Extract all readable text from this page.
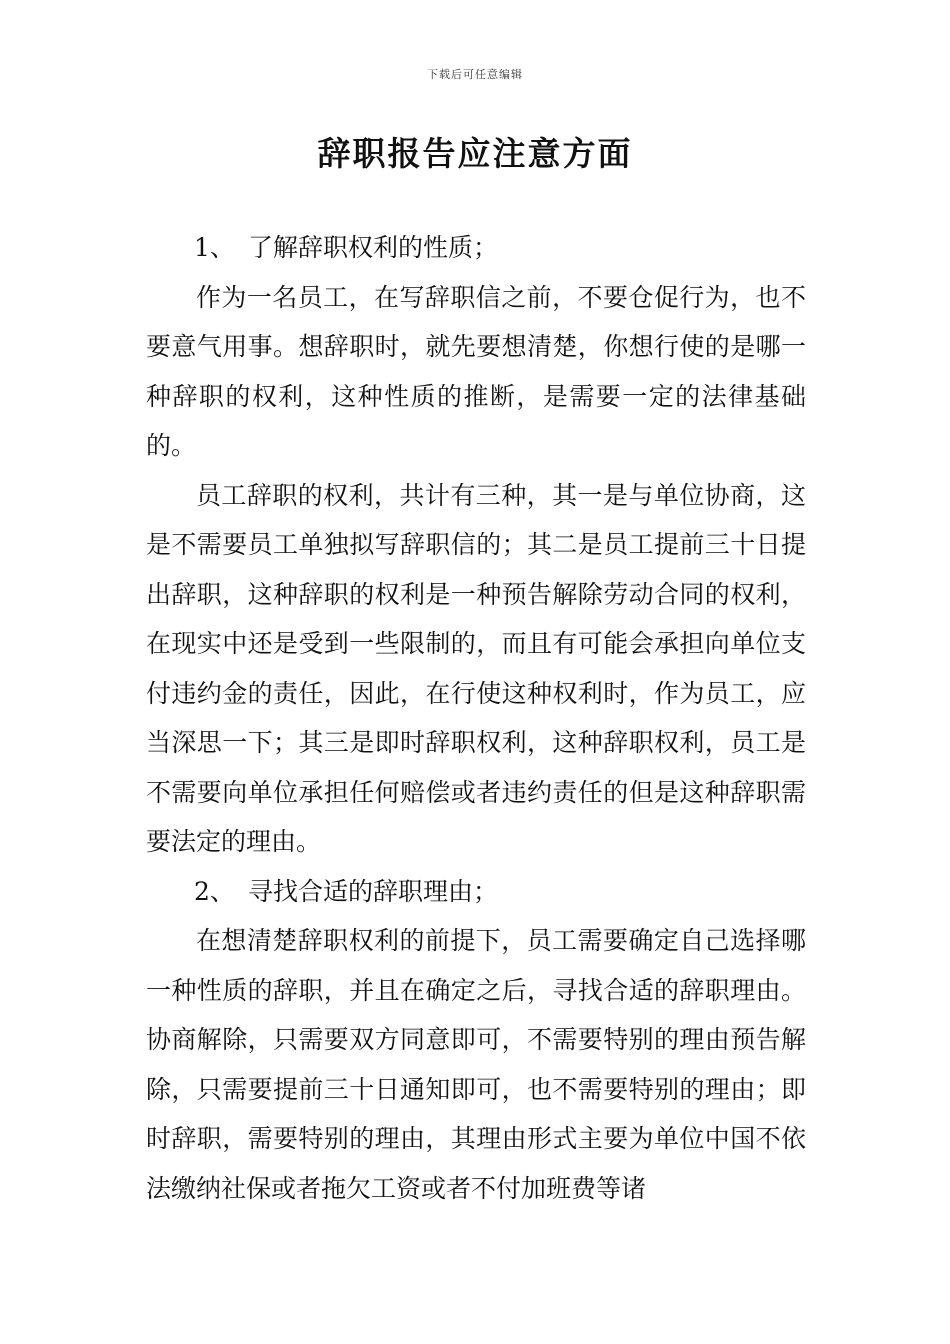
下载后可任意编辑
辞职报告应注意方面
1、 了解辞职权利的性质；

作为一名员工，在写辞职信之前，不要仓促行为，也不要意气用事。想辞职时，就先要想清楚，你想行使的是哪一种辞职的权利，这种性质的推断，是需要一定的法律基础的。

员工辞职的权利，共计有三种，其一是与单位协商，这是不需要员工单独拟写辞职信的；其二是员工提前三十日提出辞职，这种辞职的权利是一种预告解除劳动合同的权利，在现实中还是受到一些限制的，而且有可能会承担向单位支付违约金的责任，因此，在行使这种权利时，作为员工，应当深思一下；其三是即时辞职权利，这种辞职权利，员工是不需要向单位承担任何赔偿或者违约责任的但是这种辞职需要法定的理由。

2、 寻找合适的辞职理由；

在想清楚辞职权利的前提下，员工需要确定自己选择哪一种性质的辞职，并且在确定之后，寻找合适的辞职理由。协商解除，只需要双方同意即可，不需要特别的理由预告解除，只需要提前三十日通知即可，也不需要特别的理由；即时辞职，需要特别的理由，其理由形式主要为单位中国不依法缴纳社保或者拖欠工资或者不付加班费等诸
